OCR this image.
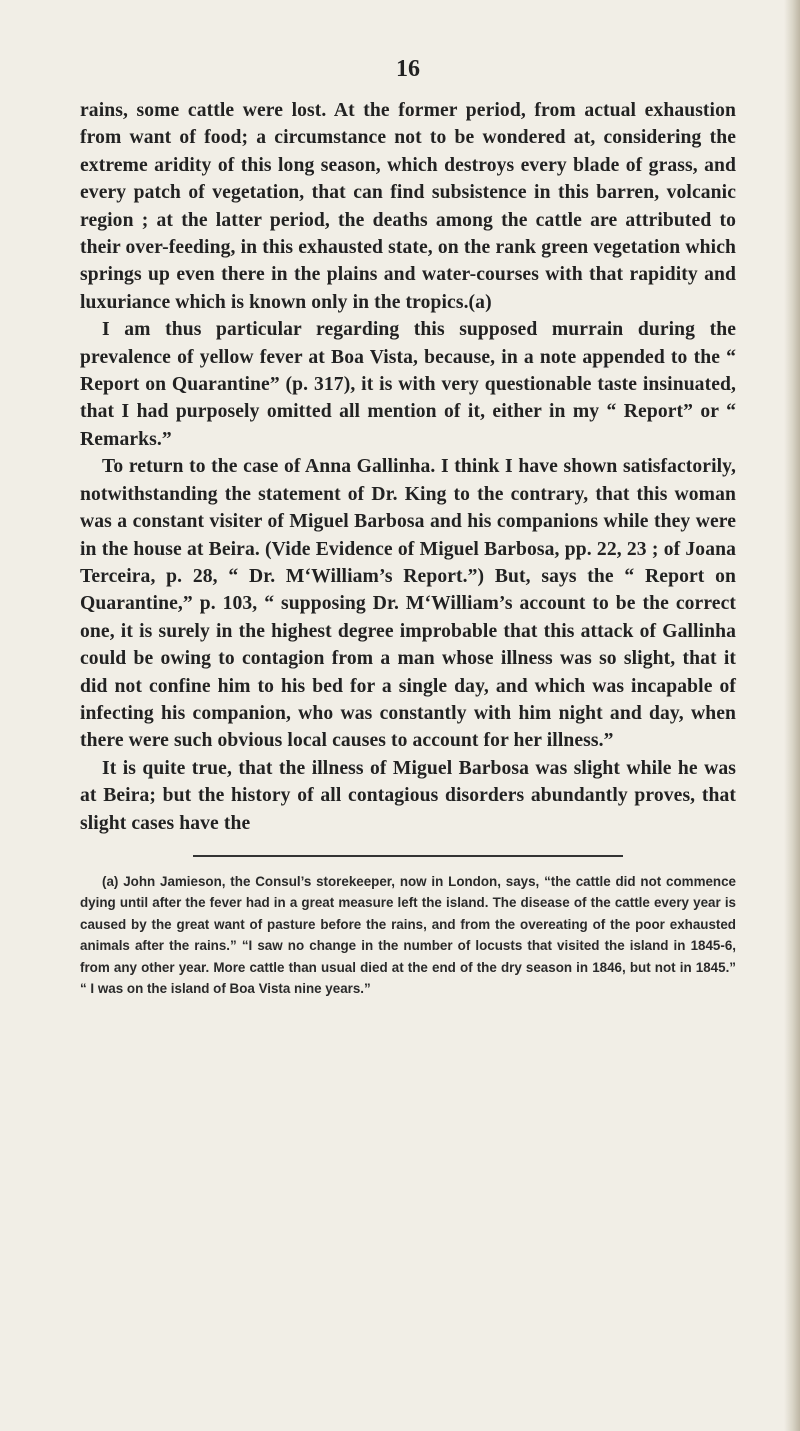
16

rains, some cattle were lost. At the former period, from actual exhaustion from want of food; a circumstance not to be wondered at, considering the extreme aridity of this long season, which destroys every blade of grass, and every patch of vegetation, that can find subsistence in this barren, volcanic region ; at the latter period, the deaths among the cattle are attributed to their over-feeding, in this exhausted state, on the rank green vegetation which springs up even there in the plains and water-courses with that rapidity and luxuriance which is known only in the tropics.(a)

I am thus particular regarding this supposed murrain during the prevalence of yellow fever at Boa Vista, because, in a note appended to the “ Report on Quarantine” (p. 317), it is with very questionable taste insinuated, that I had purposely omitted all mention of it, either in my “ Report” or “ Remarks.”

To return to the case of Anna Gallinha. I think I have shown satisfactorily, notwithstanding the statement of Dr. King to the contrary, that this woman was a constant visiter of Miguel Barbosa and his companions while they were in the house at Beira. (Vide Evidence of Miguel Barbosa, pp. 22, 23 ; of Joana Terceira, p. 28, “ Dr. M‘William’s Report.”) But, says the “ Report on Quarantine,” p. 103, “ supposing Dr. M‘William’s account to be the correct one, it is surely in the highest degree improbable that this attack of Gallinha could be owing to contagion from a man whose illness was so slight, that it did not confine him to his bed for a single day, and which was incapable of infecting his companion, who was constantly with him night and day, when there were such obvious local causes to account for her illness.”

It is quite true, that the illness of Miguel Barbosa was slight while he was at Beira; but the history of all contagious disorders abundantly proves, that slight cases have the

(a) John Jamieson, the Consul’s storekeeper, now in London, says, “the cattle did not commence dying until after the fever had in a great measure left the island. The disease of the cattle every year is caused by the great want of pasture before the rains, and from the overeating of the poor exhausted animals after the rains.” “I saw no change in the number of locusts that visited the island in 1845-6, from any other year. More cattle than usual died at the end of the dry season in 1846, but not in 1845.” “ I was on the island of Boa Vista nine years.”
